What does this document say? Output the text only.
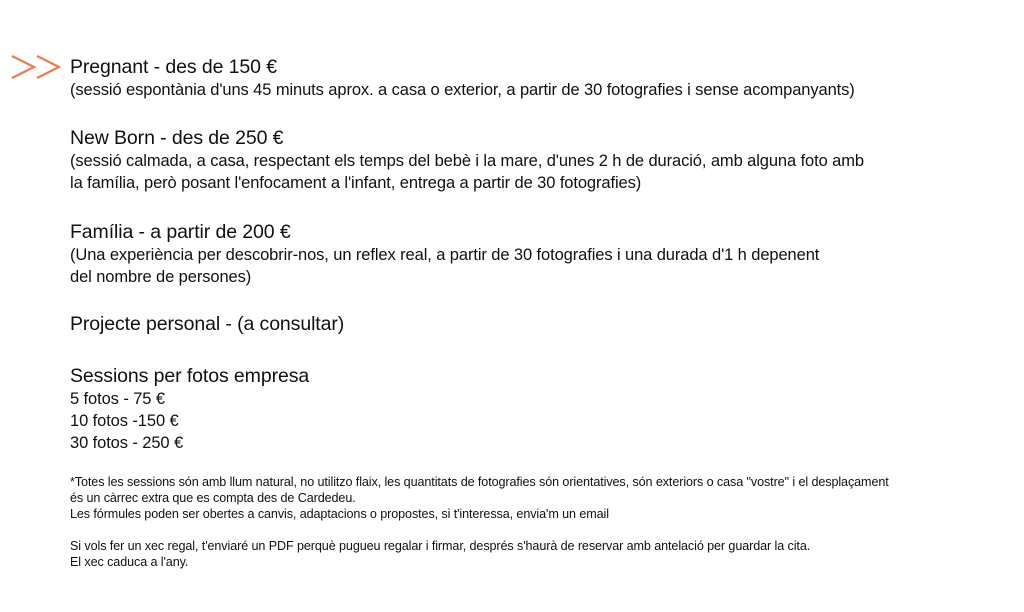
Pregnant - des de 150 €

(sessió espontània d'uns 45 minuts aprox. a casa o exterior, a partir de 30 fotografies i sense acompanyants)

New Born - des de 250 €

(sessió calmada, a casa, respectant els temps del bebè i la mare, d'unes 2 h de duració, amb alguna foto amb

la família, però posant l'enfocament a l'infant, entrega a partir de 30 fotografies)

Família - a partir de 200 €

(Una experiència per descobrir-nos, un reflex real, a partir de 30 fotografies i una durada d'1 h depenent

del nombre de persones)

Projecte personal - (a consultar)

Sessions per fotos empresa

5 fotos - 75 €

10 fotos -150 €

30 fotos - 250 €

*Totes les sessions són amb llum natural, no utilitzo flaix, les quantitats de fotografies són orientatives, són exteriors o casa "vostre" i el desplaçament

és un càrrec extra que es compta des de Cardedeu.

Les fórmules poden ser obertes a canvis, adaptacions o propostes, si t'interessa, envia'm un email

Si vols fer un xec regal, t'enviaré un PDF perquè pugueu regalar i firmar, després s'haurà de reservar amb antelació per guardar la cita.

El xec caduca a l'any.
